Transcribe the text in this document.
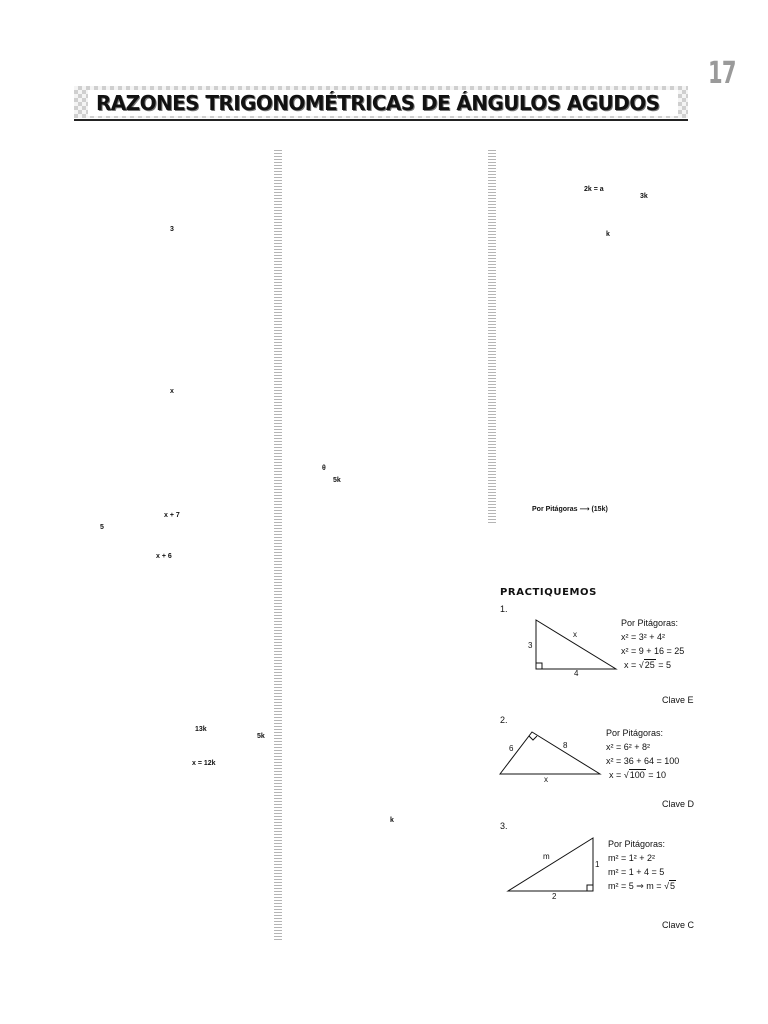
17
RAZONES TRIGONOMÉTRICAS DE ÁNGULOS AGUDOS
3
x
x + 7
5
x + 6
13k
5k
x = 12k
θ
5k
k
2k = a
3k
k
Por Pitágoras ⟶ (15k)
PRACTIQUEMOS
1.
3
x
4
Por Pitágoras:
x² = 3² + 4²
x² = 9 + 16 = 25
x = √25 = 5
Clave E
2.
6	8
x
Por Pitágoras:
x² = 6² + 8²
x² = 36 + 64 = 100
x = √100 = 10
Clave D
3.
m
1
2
Por Pitágoras:
m² = 1² + 2²
m² = 1 + 4 = 5
m² = 5 ⇒ m = √5
Clave C
